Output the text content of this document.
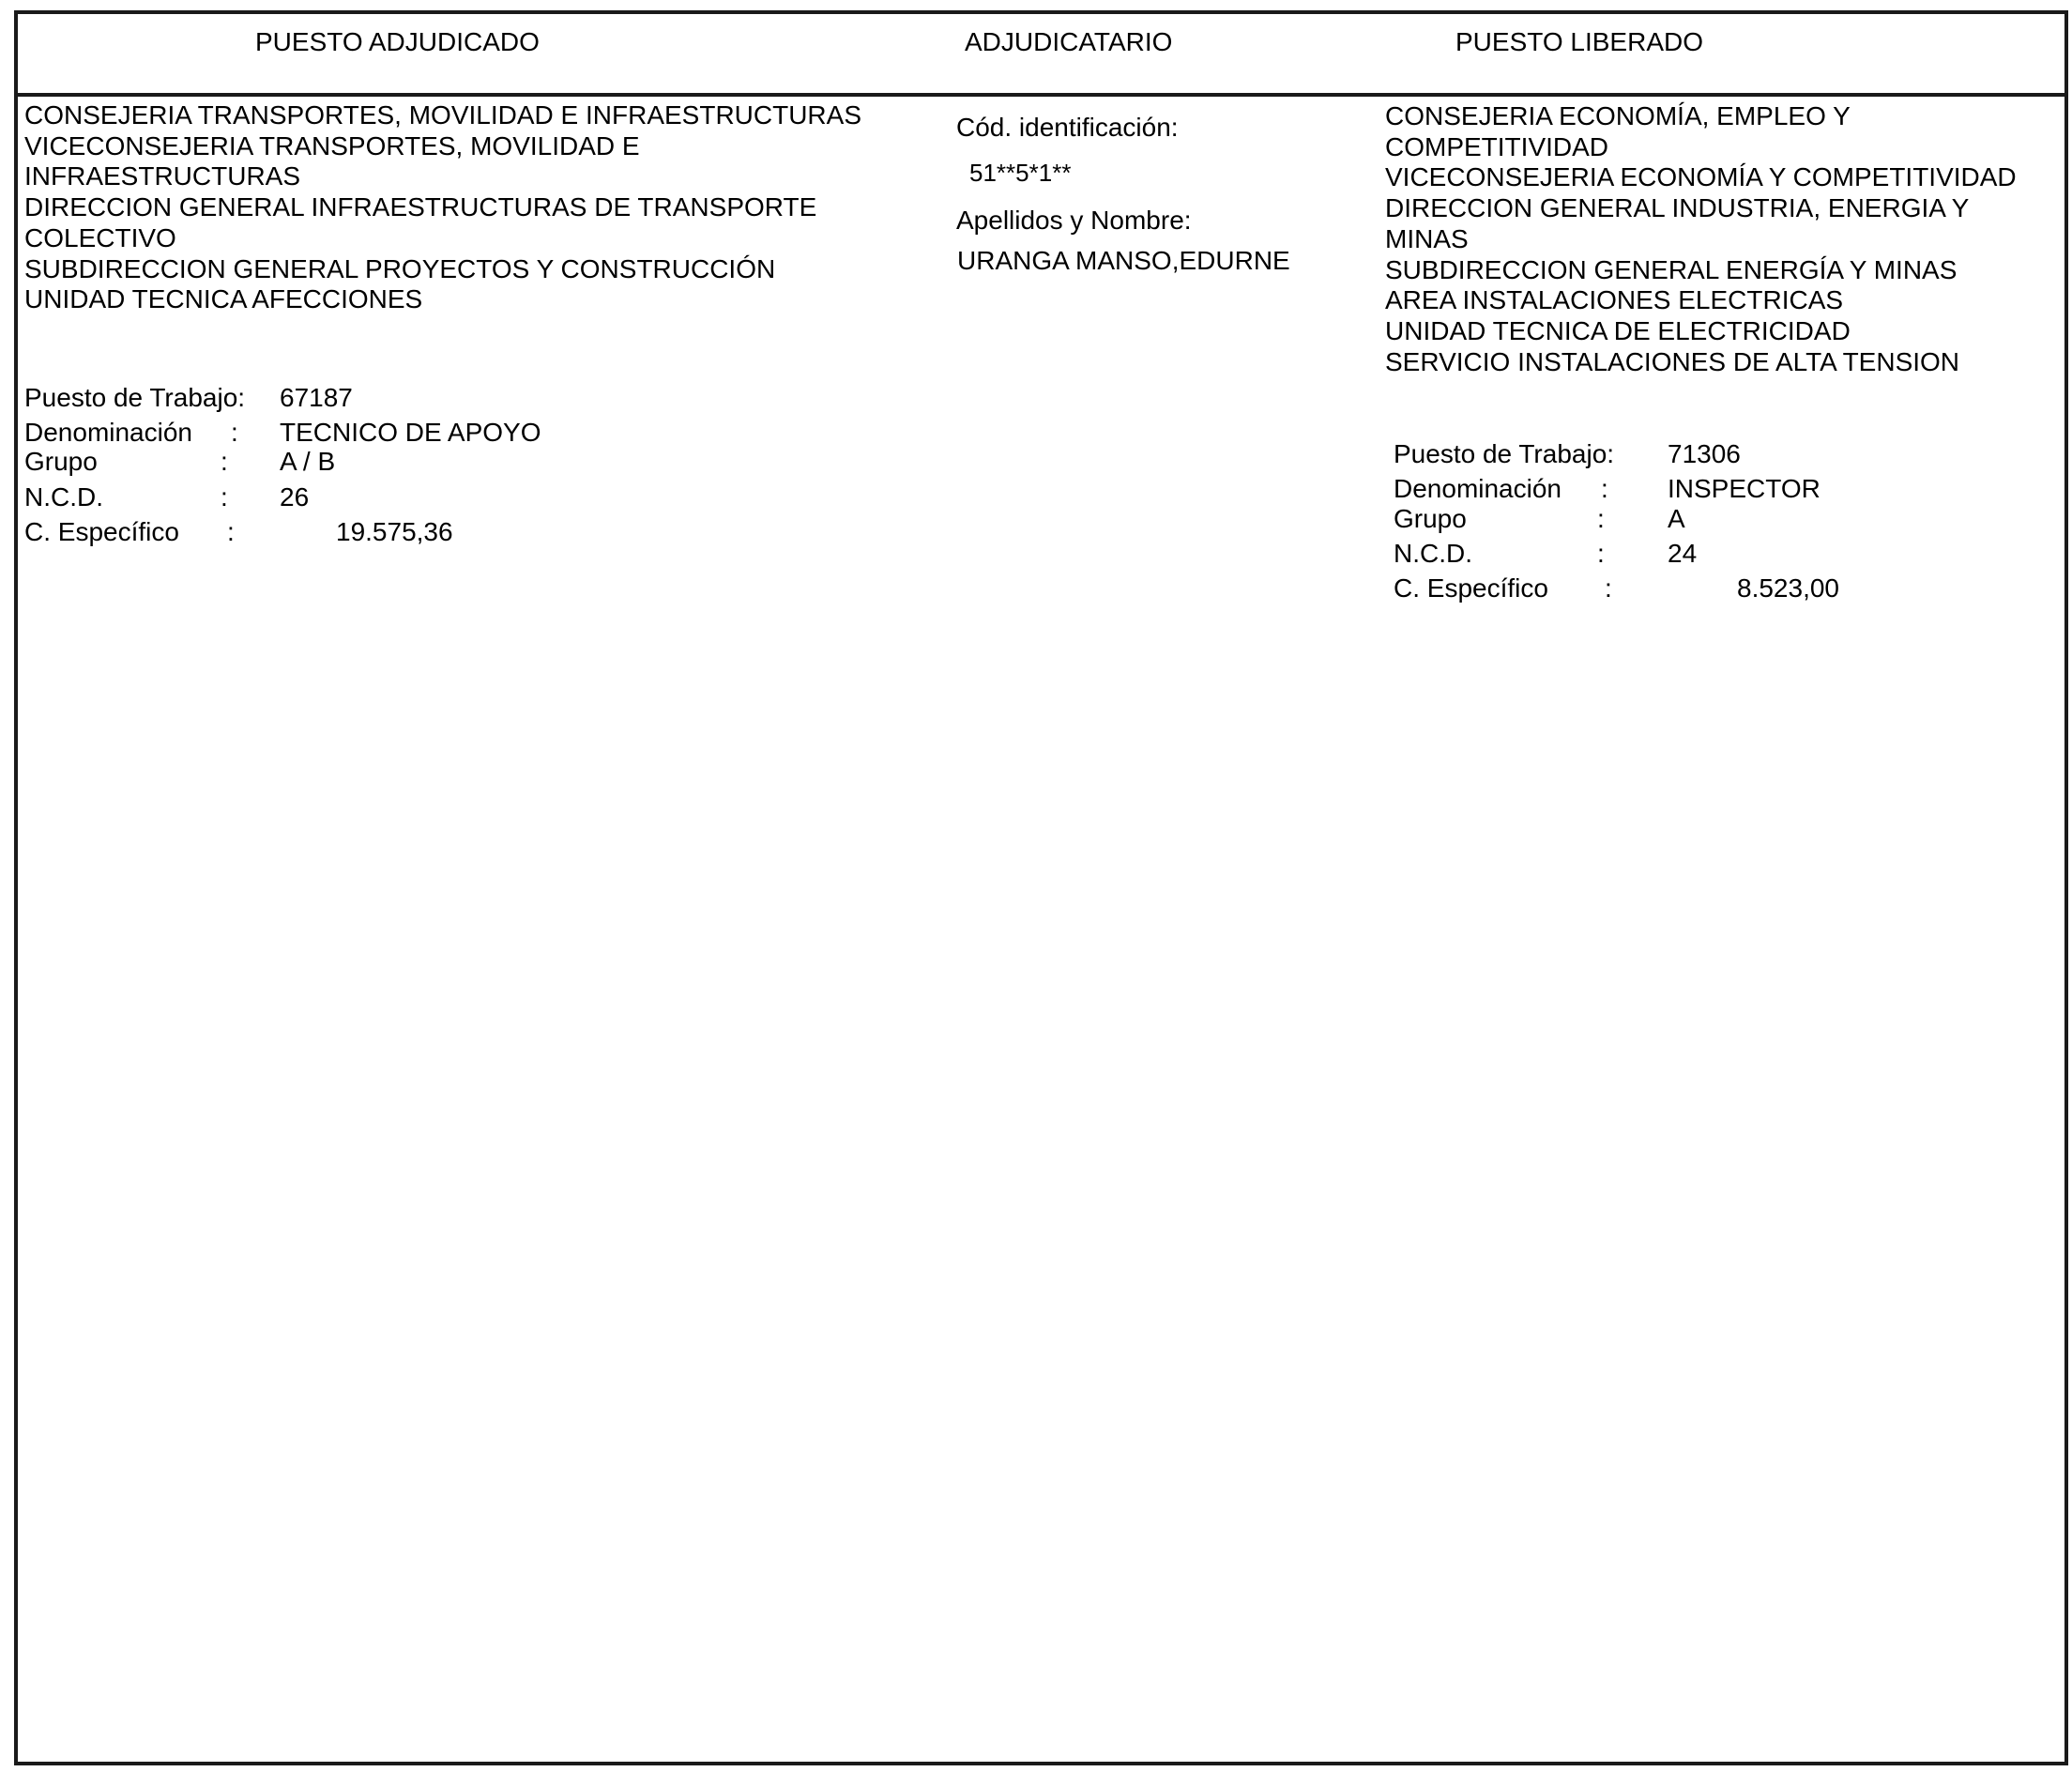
PUESTO ADJUDICADO	ADJUDICATARIO	PUESTO LIBERADO
CONSEJERIA TRANSPORTES, MOVILIDAD E INFRAESTRUCTURAS
VICECONSEJERIA TRANSPORTES, MOVILIDAD E
INFRAESTRUCTURAS
DIRECCION GENERAL INFRAESTRUCTURAS DE TRANSPORTE
COLECTIVO
SUBDIRECCION GENERAL PROYECTOS Y CONSTRUCCIÓN
UNIDAD TECNICA AFECCIONES
Puesto de Trabajo: 67187
Denominación : TECNICO DE APOYO
Grupo	: A / B
N.C.D.	: 26
C. Específico :	19.575,36
Cód. identificación:
51**5*1**
Apellidos y Nombre:
URANGA MANSO,EDURNE
CONSEJERIA ECONOMÍA, EMPLEO Y
COMPETITIVIDAD
VICECONSEJERIA ECONOMÍA Y COMPETITIVIDAD
DIRECCION GENERAL INDUSTRIA, ENERGIA Y
MINAS
SUBDIRECCION GENERAL ENERGÍA Y MINAS
AREA INSTALACIONES ELECTRICAS
UNIDAD TECNICA DE ELECTRICIDAD
SERVICIO INSTALACIONES DE ALTA TENSION
Puesto de Trabajo: 71306
Denominación : INSPECTOR
Grupo	: A
N.C.D.	: 24
C. Específico :	8.523,00
